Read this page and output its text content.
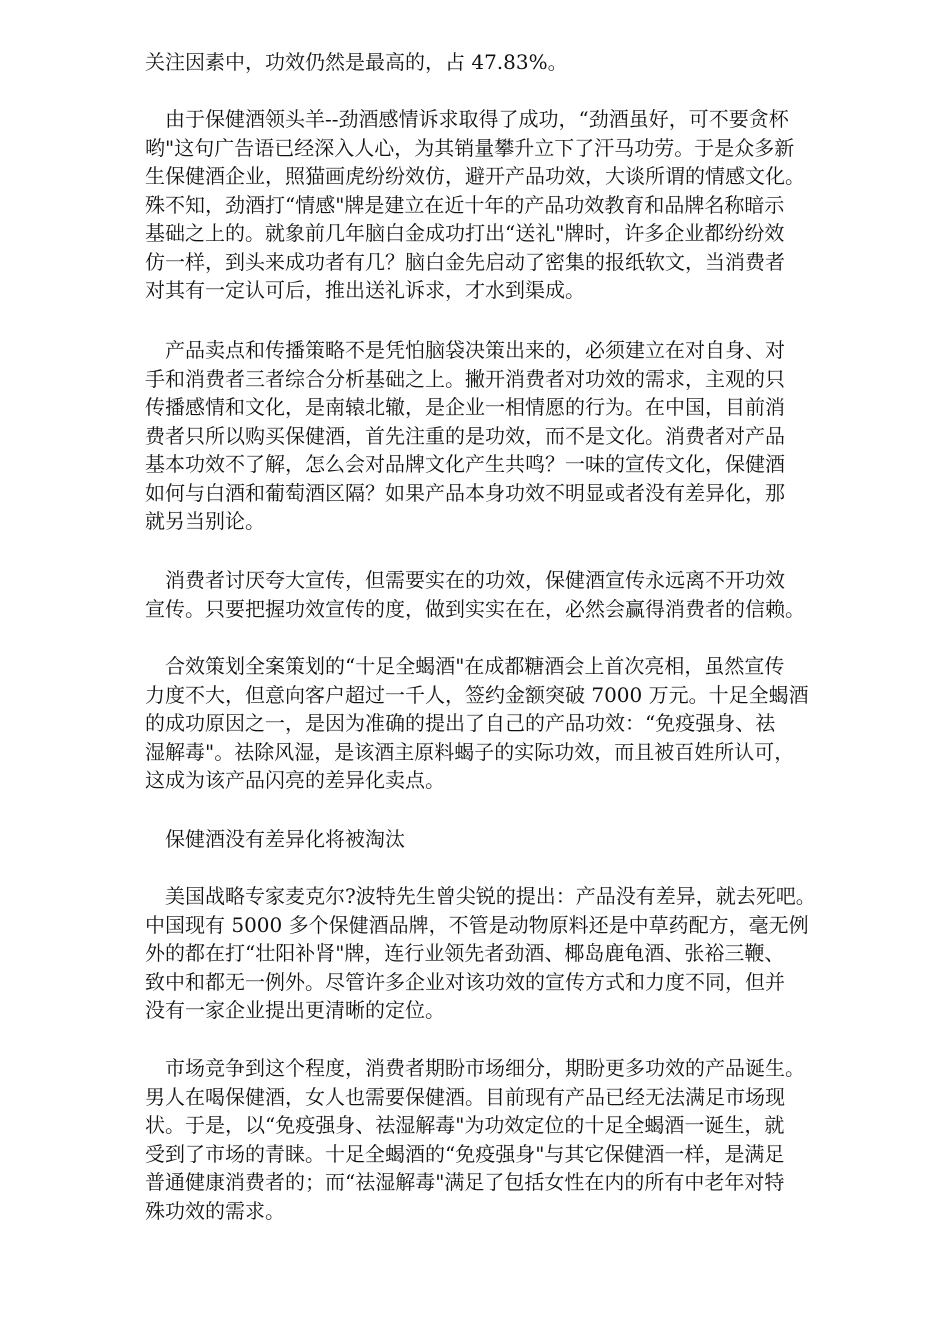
关注因素中，功效仍然是最高的，占 47.83%。
　由于保健酒领头羊--劲酒感情诉求取得了成功，“劲酒虽好，可不要贪杯
哟"这句广告语已经深入人心，为其销量攀升立下了汗马功劳。于是众多新
生保健酒企业，照猫画虎纷纷效仿，避开产品功效，大谈所谓的情感文化。
殊不知，劲酒打“情感"牌是建立在近十年的产品功效教育和品牌名称暗示
基础之上的。就象前几年脑白金成功打出“送礼"牌时，许多企业都纷纷效
仿一样，到头来成功者有几？脑白金先启动了密集的报纸软文，当消费者
对其有一定认可后，推出送礼诉求，才水到渠成。
　产品卖点和传播策略不是凭怕脑袋决策出来的，必须建立在对自身、对
手和消费者三者综合分析基础之上。撇开消费者对功效的需求，主观的只
传播感情和文化，是南辕北辙，是企业一相情愿的行为。在中国，目前消
费者只所以购买保健酒，首先注重的是功效，而不是文化。消费者对产品
基本功效不了解，怎么会对品牌文化产生共鸣？一味的宣传文化，保健酒
如何与白酒和葡萄酒区隔？如果产品本身功效不明显或者没有差异化，那
就另当别论。
　消费者讨厌夸大宣传，但需要实在的功效，保健酒宣传永远离不开功效
宣传。只要把握功效宣传的度，做到实实在在，必然会赢得消费者的信赖。
　合效策划全案策划的“十足全蝎酒"在成都糖酒会上首次亮相，虽然宣传
力度不大，但意向客户超过一千人，签约金额突破 7000 万元。十足全蝎酒
的成功原因之一，是因为准确的提出了自己的产品功效：“免疫强身、祛
湿解毒"。祛除风湿，是该酒主原料蝎子的实际功效，而且被百姓所认可，
这成为该产品闪亮的差异化卖点。
　保健酒没有差异化将被淘汰
　美国战略专家麦克尔?波特先生曾尖锐的提出：产品没有差异，就去死吧。
中国现有 5000 多个保健酒品牌，不管是动物原料还是中草药配方，毫无例
外的都在打“壮阳补肾"牌，连行业领先者劲酒、椰岛鹿龟酒、张裕三鞭、
致中和都无一例外。尽管许多企业对该功效的宣传方式和力度不同，但并
没有一家企业提出更清晰的定位。
　市场竞争到这个程度，消费者期盼市场细分，期盼更多功效的产品诞生。
男人在喝保健酒，女人也需要保健酒。目前现有产品已经无法满足市场现
状。于是，以“免疫强身、祛湿解毒"为功效定位的十足全蝎酒一诞生，就
受到了市场的青睐。十足全蝎酒的“免疫强身"与其它保健酒一样，是满足
普通健康消费者的；而“祛湿解毒"满足了包括女性在内的所有中老年对特
殊功效的需求。
